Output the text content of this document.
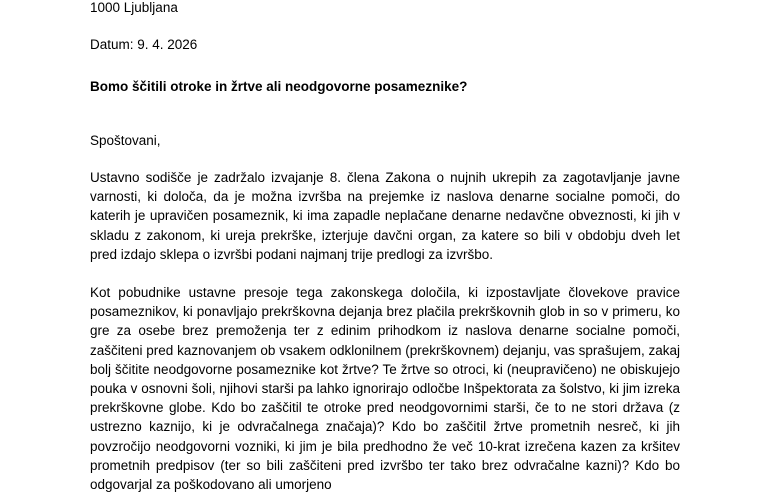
1000 Ljubljana
Datum: 9. 4. 2026
Bomo ščitili otroke in žrtve ali neodgovorne posameznike?
Spoštovani,

Ustavno sodišče je zadržalo izvajanje 8. člena Zakona o nujnih ukrepih za zagotavljanje javne varnosti, ki določa, da je možna izvršba na prejemke iz naslova denarne socialne pomoči, do katerih je upravičen posameznik, ki ima zapadle neplačane denarne nedavčne obveznosti, ki jih v skladu z zakonom, ki ureja prekrške, izterjuje davčni organ, za katere so bili v obdobju dveh let pred izdajo sklepa o izvršbi podani najmanj trije predlogi za izvršbo.

Kot pobudnike ustavne presoje tega zakonskega določila, ki izpostavljate človekove pravice posameznikov, ki ponavljajo prekrškovna dejanja brez plačila prekrškovnih glob in so v primeru, ko gre za osebe brez premoženja ter z edinim prihodkom iz naslova denarne socialne pomoči, zaščiteni pred kaznovanjem ob vsakem odklonilnem (prekrškovnem) dejanju, vas sprašujem, zakaj bolj ščitite neodgovorne posameznike kot žrtve? Te žrtve so otroci, ki (neupravičeno) ne obiskujejo pouka v osnovni šoli, njihovi starši pa lahko ignorirajo odločbe Inšpektorata za šolstvo, ki jim izreka prekrškovne globe. Kdo bo zaščitil te otroke pred neodgovornimi starši, če to ne stori država (z ustrezno kaznijo, ki je odvračalnega značaja)? Kdo bo zaščitil žrtve prometnih nesreč, ki jih povzročijo neodgovorni vozniki, ki jim je bila predhodno že več 10-krat izrečena kazen za kršitev prometnih predpisov (ter so bili zaščiteni pred izvršbo ter tako brez odvračalne kazni)? Kdo bo odgovarjal za poškodovano ali umorjeno
